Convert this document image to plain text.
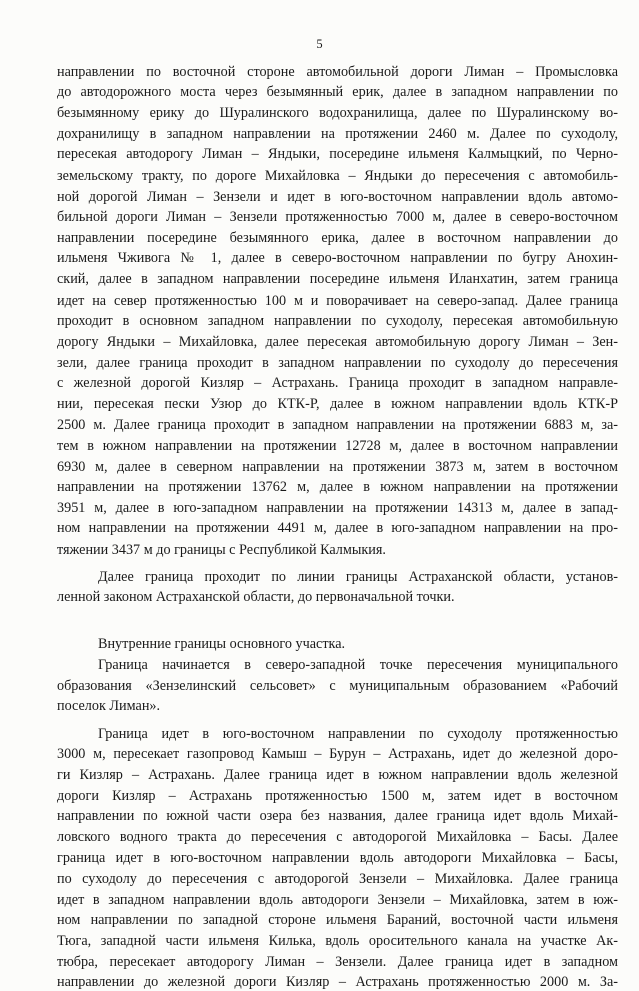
5
направлении по восточной стороне автомобильной дороги Лиман – Промысловка
до автодорожного моста через безымянный ерик, далее в западном направлении по
безымянному ерику до Шуралинского водохранилища, далее по Шуралинскому во-
дохранилищу в западном направлении на протяжении 2460 м. Далее по суходолу,
пересекая автодорогу Лиман – Яндыки, посередине ильменя Калмыцкий, по Черно-
земельскому тракту, по дороге Михайловка – Яндыки до пересечения с автомобиль-
ной дорогой Лиман – Зензели и идет в юго-восточном направлении вдоль автомо-
бильной дороги Лиман – Зензели протяженностью 7000 м, далее в северо-восточном
направлении посередине безымянного ерика, далее в восточном направлении до
ильменя Чживога № 1, далее в северо-восточном направлении по бугру Анохин-
ский, далее в западном направлении посередине ильменя Иланхатин, затем граница
идет на север протяженностью 100 м и поворачивает на северо-запад. Далее граница
проходит в основном западном направлении по суходолу, пересекая автомобильную
дорогу Яндыки – Михайловка, далее пересекая автомобильную дорогу Лиман – Зен-
зели, далее граница проходит в западном направлении по суходолу до пересечения
с железной дорогой Кизляр – Астрахань. Граница проходит в западном направле-
нии, пересекая пески Узюр до КТК-Р, далее в южном направлении вдоль КТК-Р
2500 м. Далее граница проходит в западном направлении на протяжении 6883 м, за-
тем в южном направлении на протяжении 12728 м, далее в восточном направлении
6930 м, далее в северном направлении на протяжении 3873 м, затем в восточном
направлении на протяжении 13762 м, далее в южном направлении на протяжении
3951 м, далее в юго-западном направлении на протяжении 14313 м, далее в запад-
ном направлении на протяжении 4491 м, далее в юго-западном направлении на про-
тяжении 3437 м до границы с Республикой Калмыкия.
Далее граница проходит по линии границы Астраханской области, установ-
ленной законом Астраханской области, до первоначальной точки.
Внутренние границы основного участка.
Граница начинается в северо-западной точке пересечения муниципального
образования «Зензелинский сельсовет» с муниципальным образованием «Рабочий
поселок Лиман».
Граница идет в юго-восточном направлении по суходолу протяженностью
3000 м, пересекает газопровод Камыш – Бурун – Астрахань, идет до железной доро-
ги Кизляр – Астрахань. Далее граница идет в южном направлении вдоль железной
дороги Кизляр – Астрахань протяженностью 1500 м, затем идет в восточном
направлении по южной части озера без названия, далее граница идет вдоль Михай-
ловского водного тракта до пересечения с автодорогой Михайловка – Басы. Далее
граница идет в юго-восточном направлении вдоль автодороги Михайловка – Басы,
по суходолу до пересечения с автодорогой Зензели – Михайловка. Далее граница
идет в западном направлении вдоль автодороги Зензели – Михайловка, затем в юж-
ном направлении по западной стороне ильменя Бараний, восточной части ильменя
Тюга, западной части ильменя Килька, вдоль оросительного канала на участке Ак-
тюбра, пересекает автодорогу Лиман – Зензели. Далее граница идет в западном
направлении до железной дороги Кизляр – Астрахань протяженностью 2000 м. За-
